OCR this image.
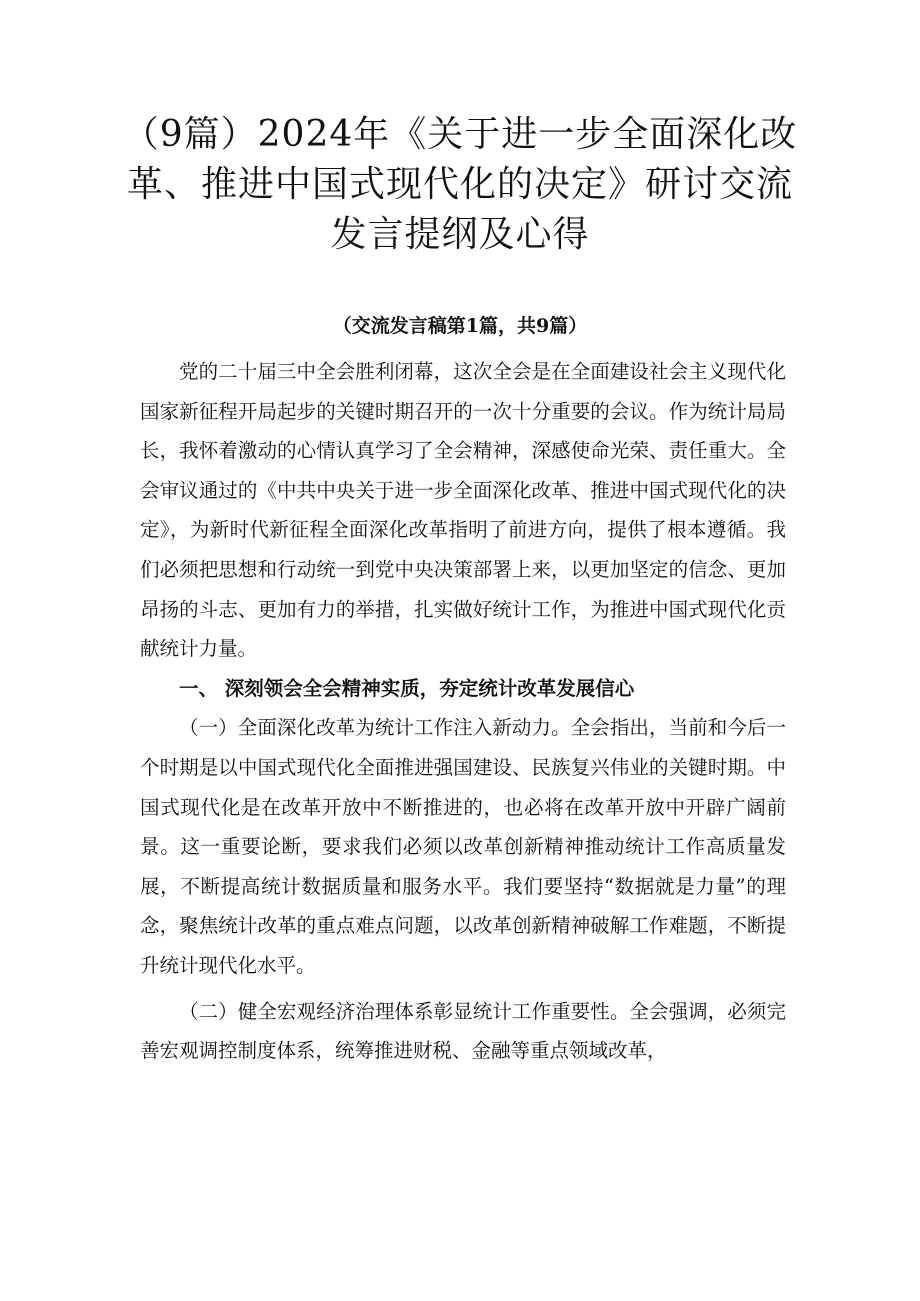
（9篇）2024年《关于进一步全面深化改
革、推进中国式现代化的决定》研讨交流
发言提纲及心得
（交流发言稿第1篇，共9篇）

党的二十届三中全会胜利闭幕，这次全会是在全面建设社会主义现代化国家新征程开局起步的关键时期召开的一次十分重要的会议。作为统计局局长，我怀着激动的心情认真学习了全会精神，深感使命光荣、责任重大。全会审议通过的《中共中央关于进一步全面深化改革、推进中国式现代化的决定》，为新时代新征程全面深化改革指明了前进方向，提供了根本遵循。我们必须把思想和行动统一到党中央决策部署上来，以更加坚定的信念、更加昂扬的斗志、更加有力的举措，扎实做好统计工作，为推进中国式现代化贡献统计力量。

一、 深刻领会全会精神实质，夯定统计改革发展信心

（一）全面深化改革为统计工作注入新动力。全会指出，当前和今后一个时期是以中国式现代化全面推进强国建设、民族复兴伟业的关键时期。中国式现代化是在改革开放中不断推进的，也必将在改革开放中开辟广阔前景。这一重要论断，要求我们必须以改革创新精神推动统计工作高质量发展，不断提高统计数据质量和服务水平。我们要坚持“数据就是力量”的理念，聚焦统计改革的重点难点问题，以改革创新精神破解工作难题，不断提升统计现代化水平。

（二）健全宏观经济治理体系彰显统计工作重要性。全会强调，必须完善宏观调控制度体系，统筹推进财税、金融等重点领域改革，
